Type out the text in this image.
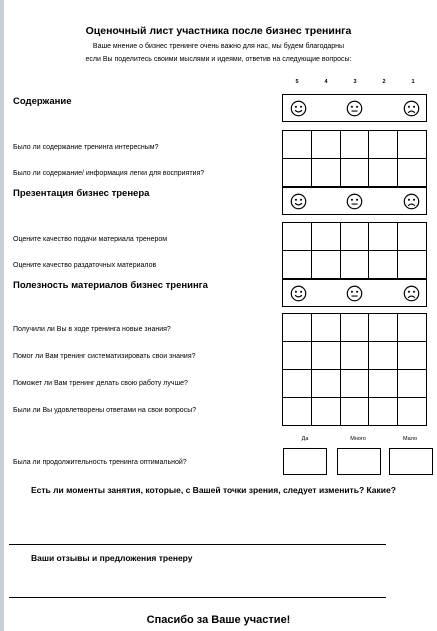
Оценочный лист участника после бизнес тренинга
Ваше мнение о бизнес тренинге очень важно для нас, мы будем благодарны
если Вы поделитесь своими мыслями и идеями, ответив на следующие вопросы:
5	4	3	2	1
Содержание
Было ли содержание тренинга интересным?
Было ли содержание/ информация легки для восприятия?
Презентация бизнес тренера
Оцените качество подачи материала тренером
Оцените качество раздаточных материалов
Полезность материалов бизнес тренинга
Получили ли Вы в ходе тренинга новые знания?
Помог ли Вам тренинг систематизировать свои знания?
Поможет ли Вам тренинг делать свою работу лучше?
Были ли Вы удовлетворены ответами на свои вопросы?
Да	Много	Мало
Была ли продолжительность тренинга оптимальной?
Есть ли моменты занятия, которые, с Вашей точки зрения, следует изменить? Какие?
Ваши отзывы и предложения тренеру
Спасибо за Ваше участие!
